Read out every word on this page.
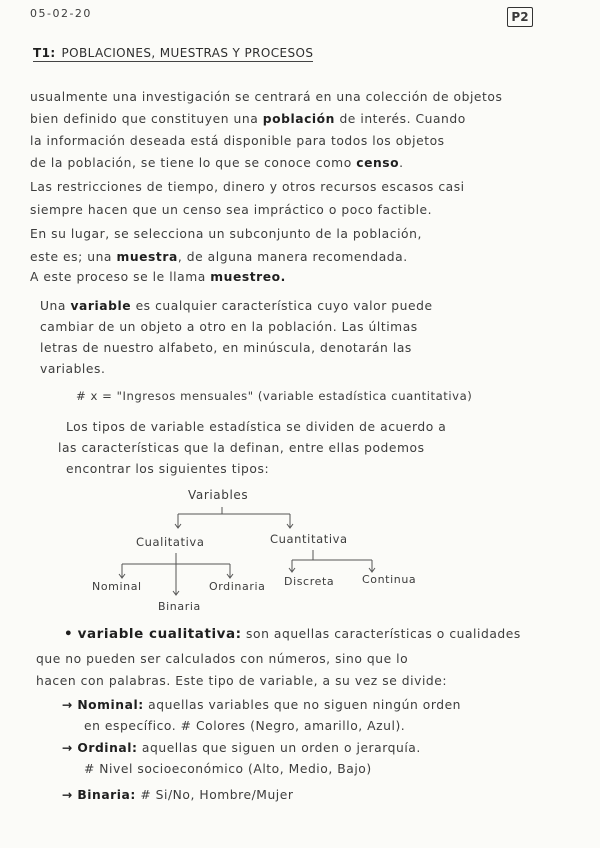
05-02-20	P2
T1: POBLACIONES, MUESTRAS Y PROCESOS
usualmente una investigación se centrará en una colección de objetos
bien definido que constituyen una población de interés. Cuando
la información deseada está disponible para todos los objetos
de la población, se tiene lo que se conoce como censo.
Las restricciones de tiempo, dinero y otros recursos escasos casi
siempre hacen que un censo sea impráctico o poco factible.
En su lugar, se selecciona un subconjunto de la población,
este es; una muestra, de alguna manera recomendada.
A este proceso se le llama muestreo.
Una variable es cualquier característica cuyo valor puede
cambiar de un objeto a otro en la población. Las últimas
letras de nuestro alfabeto, en minúscula, denotarán las
variables.
# x = "Ingresos mensuales" (variable estadística cuantitativa)
Los tipos de variable estadística se dividen de acuerdo a
las características que la definan, entre ellas podemos
encontrar los siguientes tipos:
Variables
Cualitativa	Cuantitativa
Nominal
Binaria
Ordinaria Discreta	Continua
• variable cualitativa: son aquellas características o cualidades
que no pueden ser calculados con números, sino que lo
hacen con palabras. Este tipo de variable, a su vez se divide:
→ Nominal: aquellas variables que no siguen ningún orden
en específico. # Colores (Negro, amarillo, Azul).
→ Ordinal: aquellas que siguen un orden o jerarquía.
# Nivel socioeconómico (Alto, Medio, Bajo)
→ Binaria: # Si/No, Hombre/Mujer
